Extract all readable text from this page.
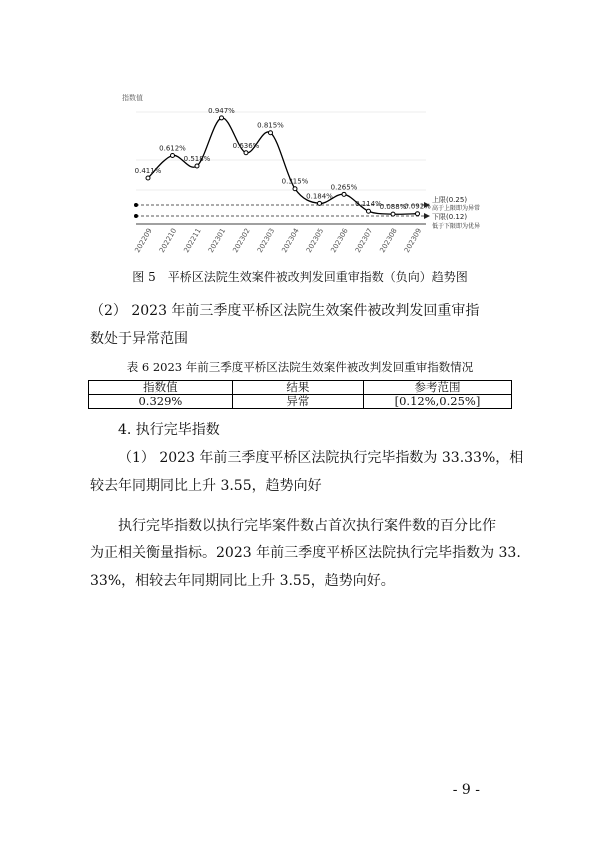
指数值
上限(0.25)
高于上限即为异常
下限(0.12)
低于下限即为优异
0.411%
0.612%
0.518%
0.947%
0.636%
0.815%
0.315%
0.184%
0.265%
0.114%
0.088%
0.092%
202209 202210 202211 202301 202302 202303 202304 202305 202306 202307 202308 202309
图 5　平桥区法院生效案件被改判发回重审指数（负向）趋势图
（2） 2023 年前三季度平桥区法院生效案件被改判发回重审指
数处于异常范围
表 6 2023 年前三季度平桥区法院生效案件被改判发回重审指数情况
指数值	结果	参考范围
0.329%	异常	[0.12%,0.25%]
4. 执行完毕指数
（1） 2023 年前三季度平桥区法院执行完毕指数为 33.33%，相
较去年同期同比上升 3.55，趋势向好
执行完毕指数以执行完毕案件数占首次执行案件数的百分比作
为正相关衡量指标。2023 年前三季度平桥区法院执行完毕指数为 33.
33%，相较去年同期同比上升 3.55，趋势向好。
- 9 -
